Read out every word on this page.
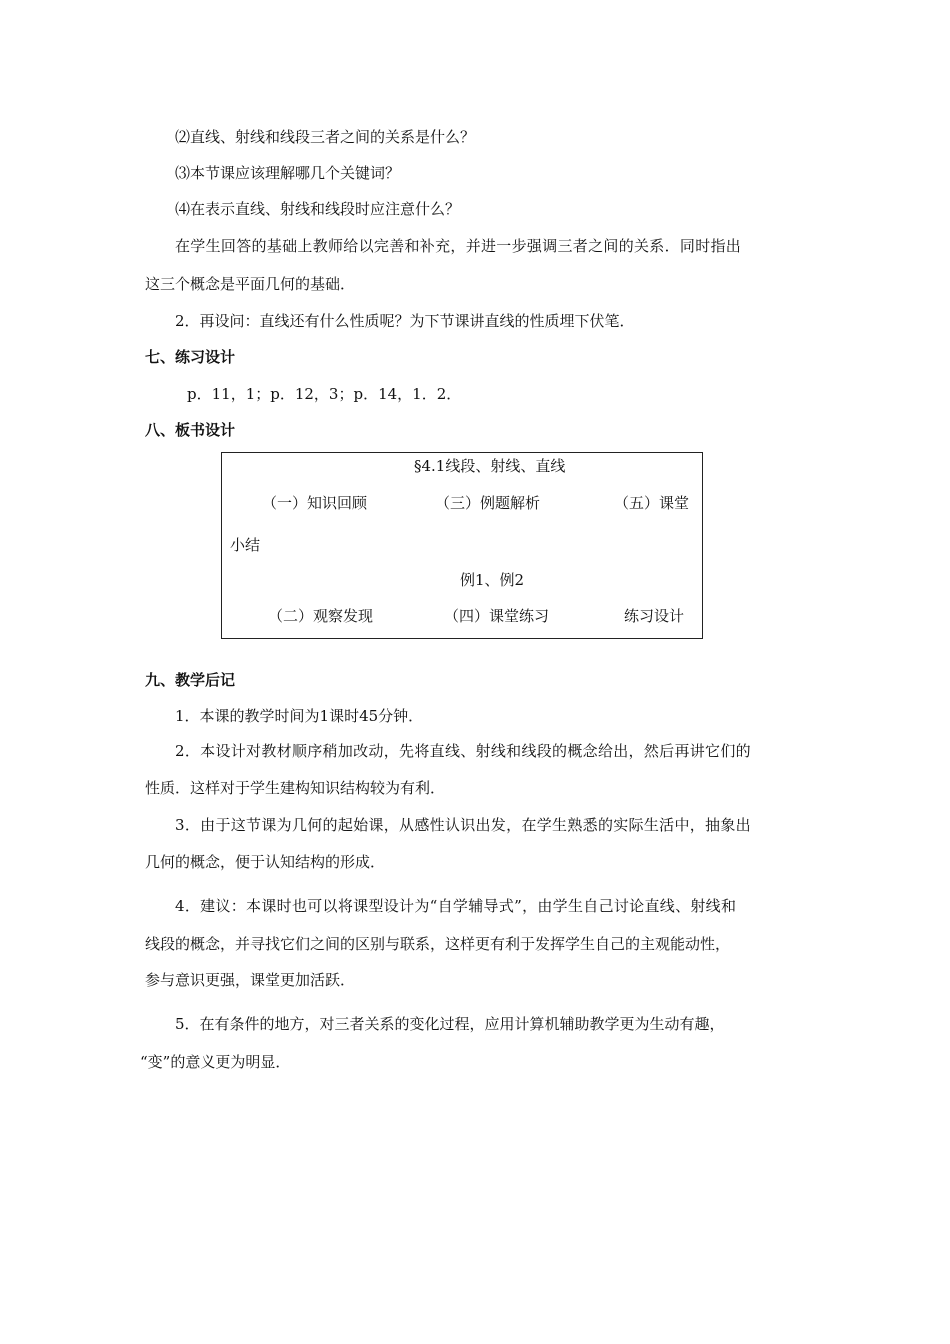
⑵直线、射线和线段三者之间的关系是什么？
⑶本节课应该理解哪几个关键词？
⑷在表示直线、射线和线段时应注意什么？
在学生回答的基础上教师给以完善和补充，并进一步强调三者之间的关系．同时指出
这三个概念是平面几何的基础．
2．再设问：直线还有什么性质呢？为下节课讲直线的性质埋下伏笔．
七、练习设计
p．11，1；p．12，3；p．14，1．2．
八、板书设计
§4.1线段、射线、直线
（一）知识回顾	（三）例题解析	（五）课堂
小结
例1、例2
（二）观察发现	（四）课堂练习	练习设计
九、教学后记
1．本课的教学时间为1课时45分钟．
2．本设计对教材顺序稍加改动，先将直线、射线和线段的概念给出，然后再讲它们的
性质．这样对于学生建构知识结构较为有利．
3．由于这节课为几何的起始课，从感性认识出发，在学生熟悉的实际生活中，抽象出
几何的概念，便于认知结构的形成．
4．建议：本课时也可以将课型设计为“自学辅导式”，由学生自己讨论直线、射线和
线段的概念，并寻找它们之间的区别与联系，这样更有利于发挥学生自己的主观能动性，
参与意识更强，课堂更加活跃．
5．在有条件的地方，对三者关系的变化过程，应用计算机辅助教学更为生动有趣，
“变”的意义更为明显．
